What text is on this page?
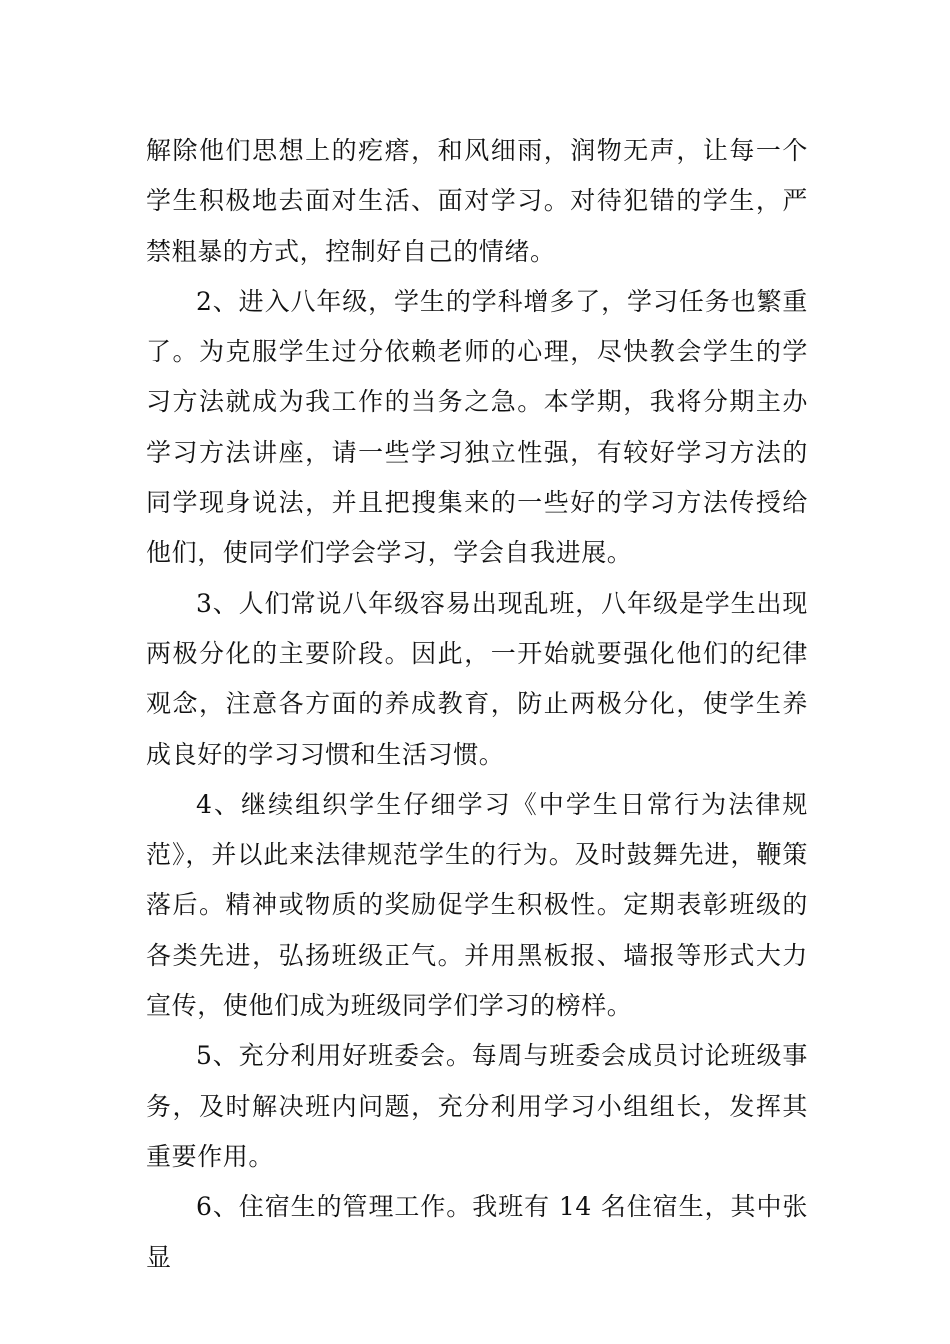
解除他们思想上的疙瘩，和风细雨，润物无声，让每一个学生积极地去面对生活、面对学习。对待犯错的学生，严禁粗暴的方式，控制好自己的情绪。

2、进入八年级，学生的学科增多了，学习任务也繁重了。为克服学生过分依赖老师的心理，尽快教会学生的学习方法就成为我工作的当务之急。本学期，我将分期主办学习方法讲座，请一些学习独立性强，有较好学习方法的同学现身说法，并且把搜集来的一些好的学习方法传授给他们，使同学们学会学习，学会自我进展。

3、人们常说八年级容易出现乱班，八年级是学生出现两极分化的主要阶段。因此，一开始就要强化他们的纪律观念，注意各方面的养成教育，防止两极分化，使学生养成良好的学习习惯和生活习惯。

4、继续组织学生仔细学习《中学生日常行为法律规范》，并以此来法律规范学生的行为。及时鼓舞先进，鞭策落后。精神或物质的奖励促学生积极性。定期表彰班级的各类先进，弘扬班级正气。并用黑板报、墙报等形式大力宣传，使他们成为班级同学们学习的榜样。

5、充分利用好班委会。每周与班委会成员讨论班级事务，及时解决班内问题，充分利用学习小组组长，发挥其重要作用。

6、住宿生的管理工作。我班有 14 名住宿生，其中张显
